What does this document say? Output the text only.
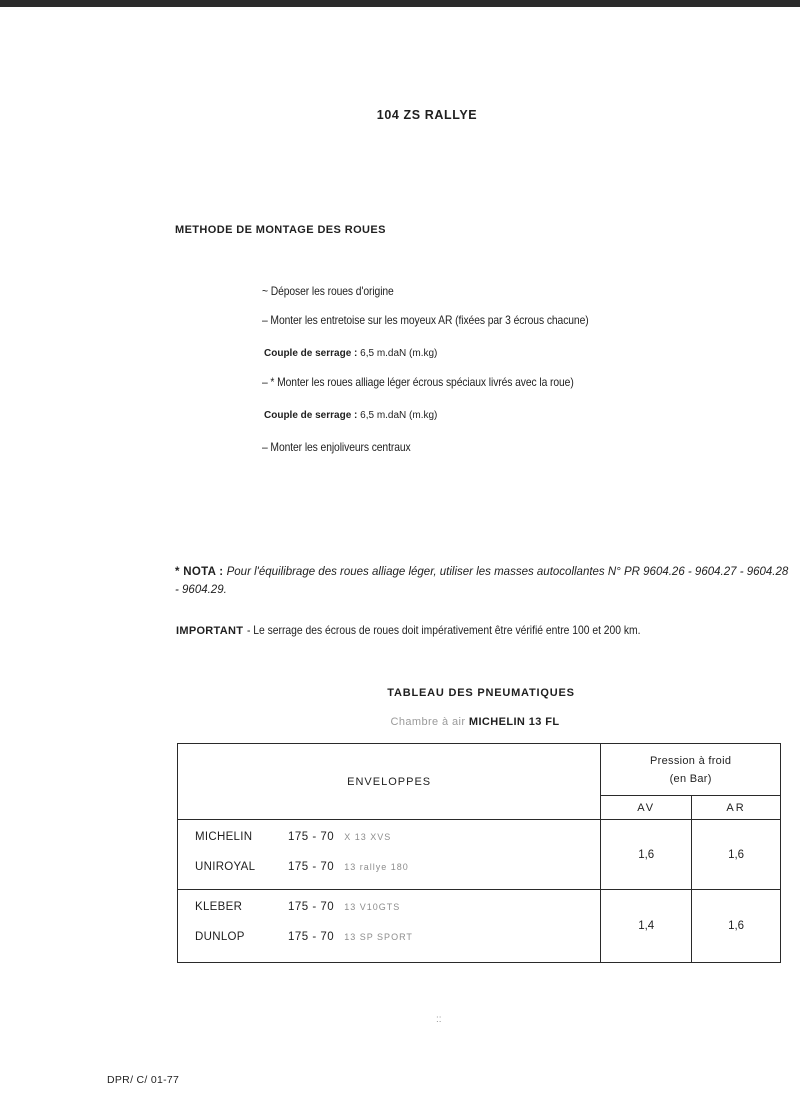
104 ZS RALLYE
METHODE DE MONTAGE DES ROUES
~ Déposer les roues d'origine
– Monter les entretoise sur les moyeux AR (fixées par 3 écrous chacune)
Couple de serrage : 6,5 m.daN (m.kg)
– * Monter les roues alliage léger écrous spéciaux livrés avec la roue)
Couple de serrage : 6,5 m.daN (m.kg)
– Monter les enjoliveurs centraux
* NOTA : Pour l'équilibrage des roues alliage léger, utiliser les masses autocollantes N° PR 9604.26 - 9604.27 - 9604.28 - 9604.29.
IMPORTANT - Le serrage des écrous de roues doit impérativement être vérifié entre 100 et 200 km.
TABLEAU DES PNEUMATIQUES
Chambre à air MICHELIN 13 FL
ENVELOPPES	Pression à froid
(en Bar)	

	AV	AR

MICHELIN 175 - 70 X 13 XVS
UNIROYAL 175 - 70 13 rallye 180	1,6	1,6

KLEBER 175 - 70 13 V10GTS
DUNLOP 175 - 70 13 SP SPORT	1,4	1,6
::
DPR/ C/ 01-77
